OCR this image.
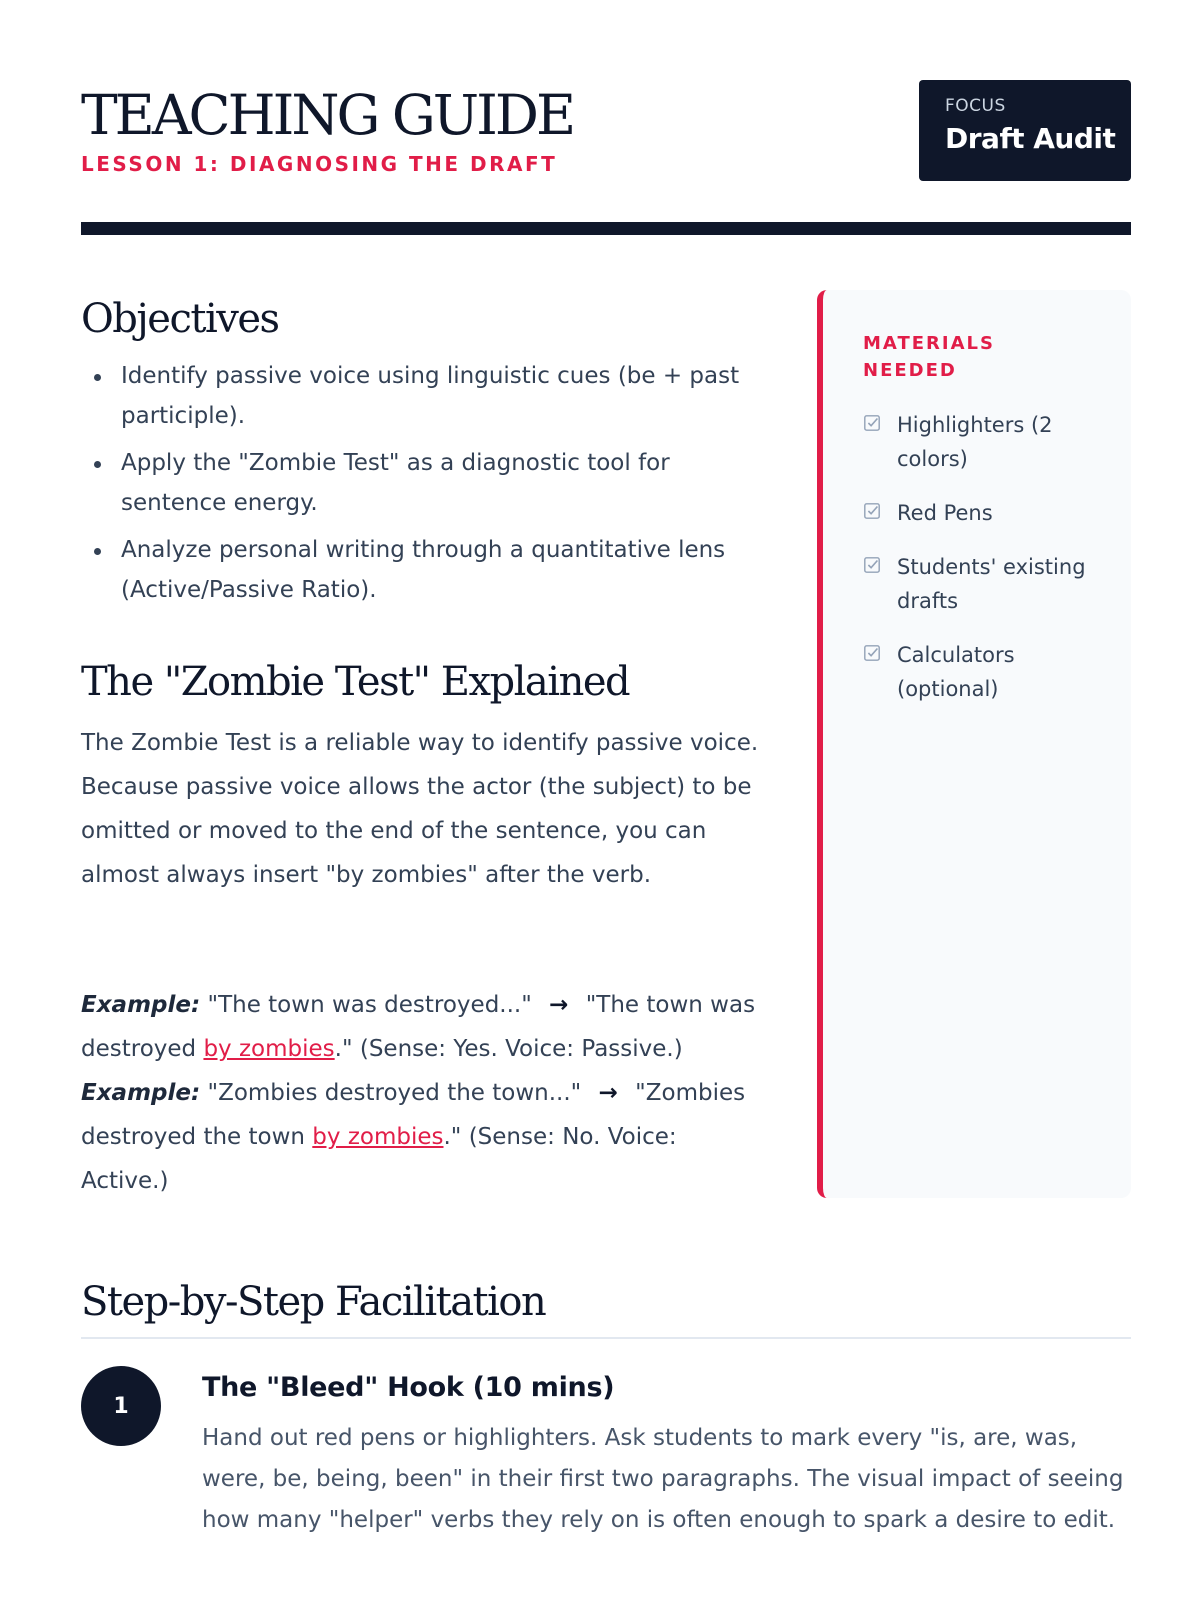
TEACHING GUIDE
LESSON 1: DIAGNOSING THE DRAFT
FOCUS
Draft Audit
Objectives
Identify passive voice using linguistic cues (be + past participle).
Apply the "Zombie Test" as a diagnostic tool for sentence energy.
Analyze personal writing through a quantitative lens (Active/Passive Ratio).
The "Zombie Test" Explained

The Zombie Test is a reliable way to identify passive voice. Because passive voice allows the actor (the subject) to be omitted or moved to the end of the sentence, you can almost always insert "by zombies" after the verb.

Example: "The town was destroyed..." → "The town was destroyed by zombies." (Sense: Yes. Voice: Passive.)
Example: "Zombies destroyed the town..." → "Zombies destroyed the town by zombies." (Sense: No. Voice: Active.)
MATERIALS NEEDED
Highlighters (2 colors)
Red Pens
Students' existing drafts
Calculators (optional)
Step-by-Step Facilitation
1
The "Bleed" Hook (10 mins)

Hand out red pens or highlighters. Ask students to mark every "is, are, was, were, be, being, been" in their first two paragraphs. The visual impact of seeing how many "helper" verbs they rely on is often enough to spark a desire to edit.
